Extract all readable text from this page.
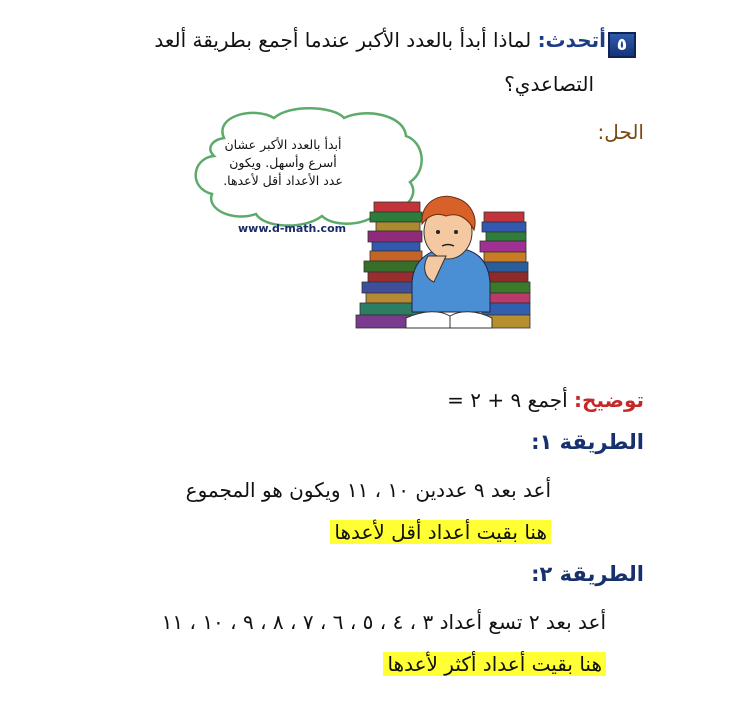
٥
أتحدث: لماذا أبدأ بالعدد الأكبر عندما أجمع بطريقة ألعد
التصاعدي؟
الحل:
أبدأ بالعدد الأكبر عشان
أسرع وأسهل. ويكون
عدد الأعداد أقل لأعدها.
www.d-math.com
توضيح: أجمع ٩ + ٢ =
الطريقة ١:
أعد بعد ٩ عددين ١٠ ، ١١ ويكون هو المجموع
هنا بقيت أعداد أقل لأعدها
الطريقة ٢:
أعد بعد ٢ تسع أعداد ٣ ، ٤ ، ٥ ، ٦ ، ٧ ، ٨ ، ٩ ، ١٠ ، ١١
هنا بقيت أعداد أكثر لأعدها
